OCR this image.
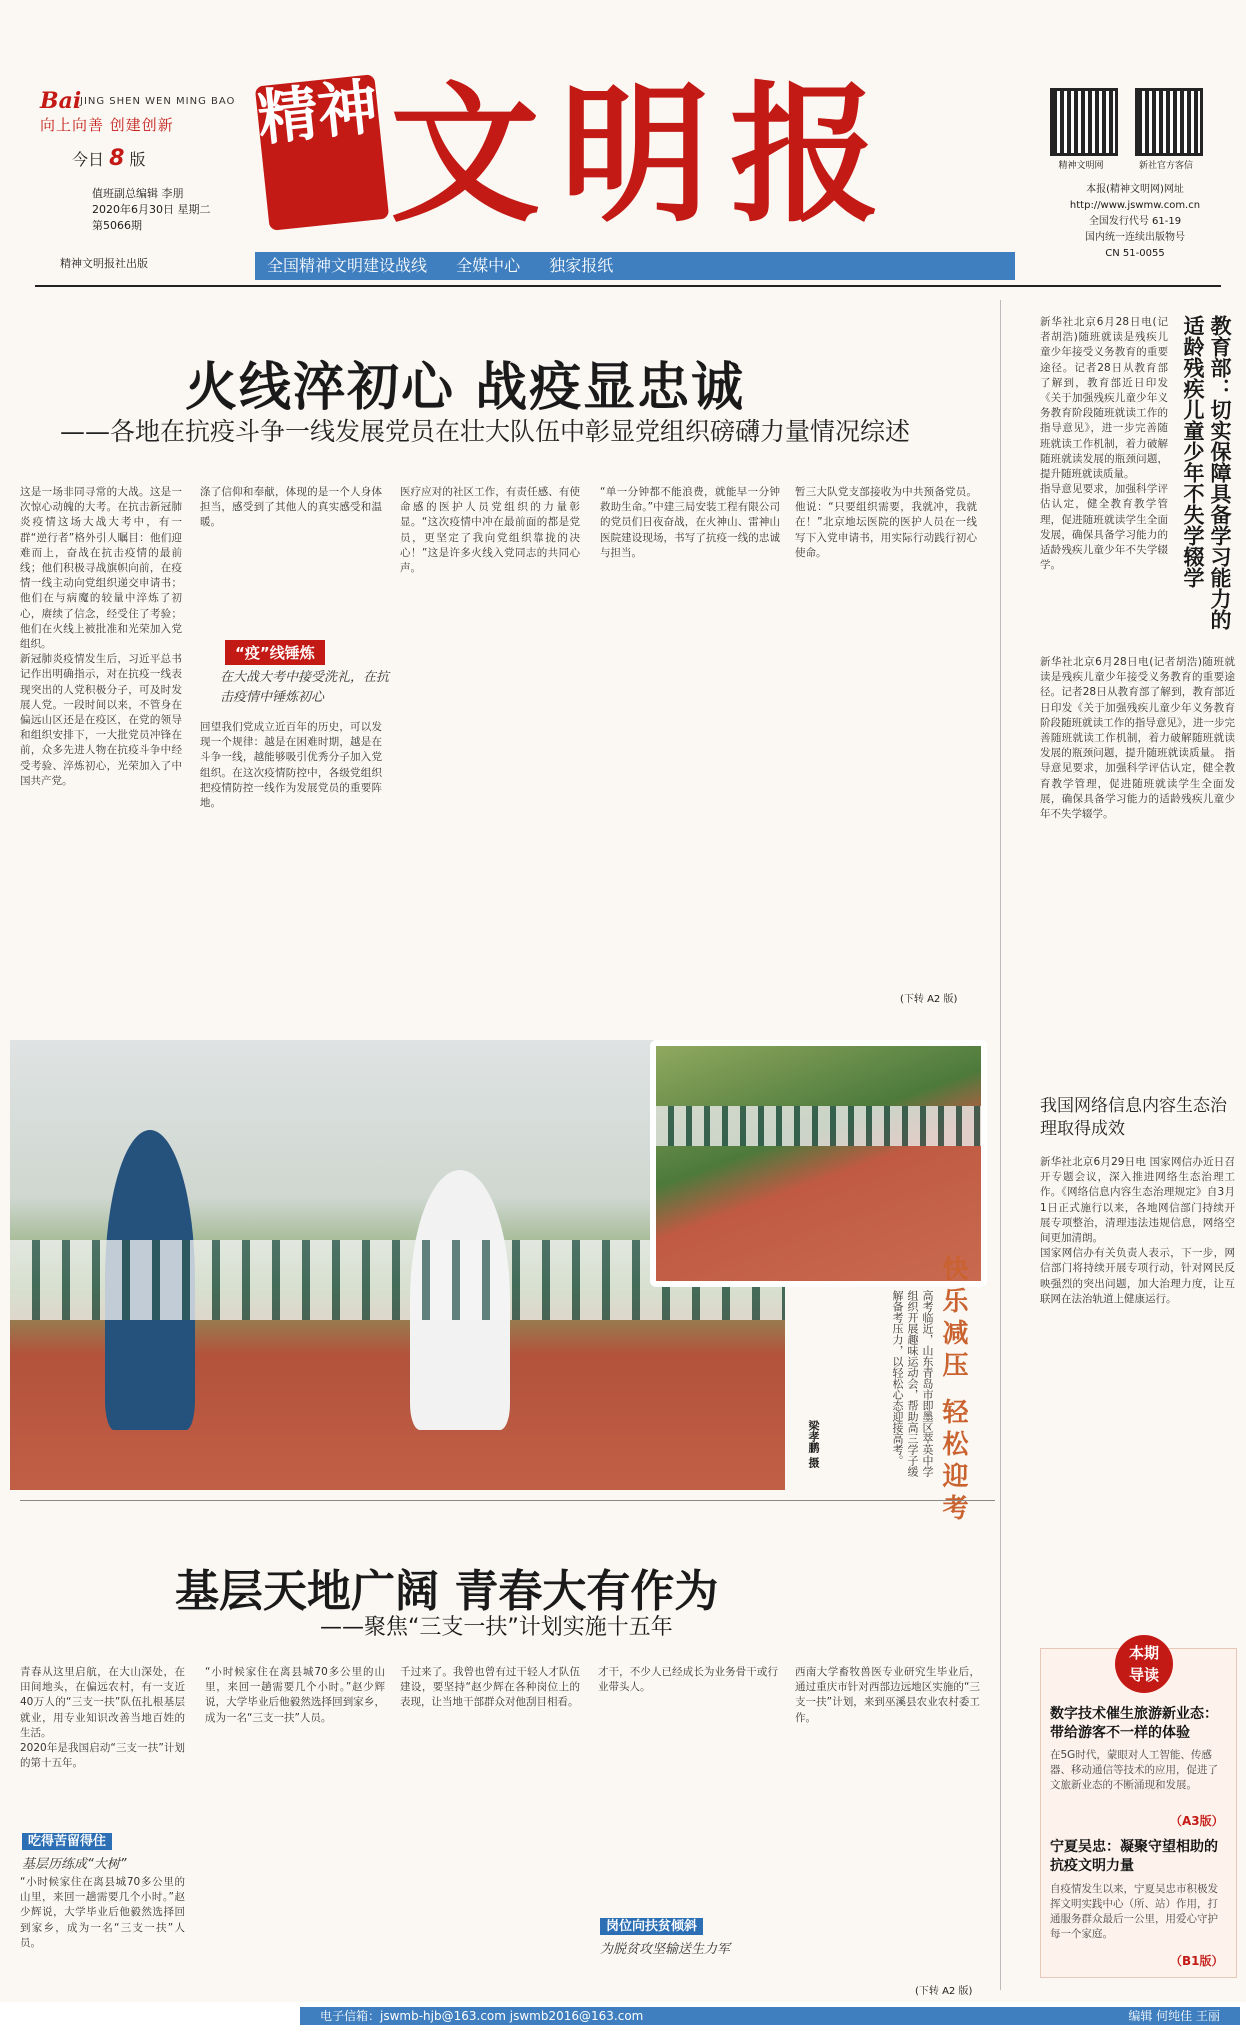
Bai
JING SHEN WEN MING BAO
向上向善 创建创新
今日 8 版
值班副总编辑 李朋
2020年6月30日 星期二
第5066期
精神文明报社出版
精神 文明报
全国精神文明建设战线 全媒中心 独家报纸
精神文明网	新社官方客信
本报(精神文明网)网址
http://www.jswmw.com.cn
全国发行代号 61-19
国内统一连续出版物号
CN 51-0055
火线淬初心 战疫显忠诚
——各地在抗疫斗争一线发展党员在壮大队伍中彰显党组织磅礴力量情况综述
这是一场非同寻常的大战。这是一次惊心动魄的大考。在抗击新冠肺炎疫情这场大战大考中，有一群“逆行者”格外引人瞩目：他们迎难而上，奋战在抗击疫情的最前线；他们积极寻战旗帜向前，在疫情一线主动向党组织递交申请书；他们在与病魔的较量中淬炼了初心，赓续了信念，经受住了考验；他们在火线上被批准和光荣加入党组织。
新冠肺炎疫情发生后，习近平总书记作出明确指示，对在抗疫一线表现突出的人党积极分子，可及时发展人党。一段时间以来，不管身在偏远山区还是在疫区，在党的领导和组织安排下，一大批党员冲锋在前，众多先进人物在抗疫斗争中经受考验、淬炼初心，光荣加入了中国共产党。
涤了信仰和奉献，体现的是一个人身体担当，感受到了其他人的真实感受和温暖。
“疫”线锤炼
在大战大考中接受洗礼，在抗击疫情中锤炼初心
回望我们党成立近百年的历史，可以发现一个规律：越是在困难时期，越是在斗争一线，越能够吸引优秀分子加入党组织。在这次疫情防控中，各级党组织把疫情防控一线作为发展党员的重要阵地。
医疗应对的社区工作，有责任感、有使命感的医护人员党组织的力量彰显。“这次疫情中冲在最前面的都是党员，更坚定了我向党组织靠拢的决心！”这是许多火线入党同志的共同心声。
“单一分钟都不能浪费，就能早一分钟救助生命。”中建三局安装工程有限公司的党员们日夜奋战，在火神山、雷神山医院建设现场，书写了抗疫一线的忠诚与担当。
暂三大队党支部接收为中共预备党员。他说：“只要组织需要，我就冲，我就在！”北京地坛医院的医护人员在一线写下入党申请书，用实际行动践行初心使命。
(下转 A2 版)
教育部：切实保障具备学习能力的适龄残疾儿童少年不失学辍学
新华社北京6月28日电(记者胡浩)随班就读是残疾儿童少年接受义务教育的重要途径。记者28日从教育部了解到，教育部近日印发《关于加强残疾儿童少年义务教育阶段随班就读工作的指导意见》，进一步完善随班就读工作机制，着力破解随班就读发展的瓶颈问题，提升随班就读质量。
指导意见要求，加强科学评估认定，健全教育教学管理，促进随班就读学生全面发展，确保具备学习能力的适龄残疾儿童少年不失学辍学。
新华社北京6月28日电(记者胡浩)随班就读是残疾儿童少年接受义务教育的重要途径。记者28日从教育部了解到，教育部近日印发《关于加强残疾儿童少年义务教育阶段随班就读工作的指导意见》，进一步完善随班就读工作机制，着力破解随班就读发展的瓶颈问题，提升随班就读质量。 指导意见要求，加强科学评估认定，健全教育教学管理，促进随班就读学生全面发展，确保具备学习能力的适龄残疾儿童少年不失学辍学。
快乐减压 轻松迎考
高考临近，山东青岛市即墨区萃英中学组织开展趣味运动会，帮助高三学子缓解备考压力，以轻松心态迎接高考。
梁孝鹏 摄
我国网络信息内容生态治理取得成效
新华社北京6月29日电 国家网信办近日召开专题会议，深入推进网络生态治理工作。《网络信息内容生态治理规定》自3月1日正式施行以来，各地网信部门持续开展专项整治，清理违法违规信息，网络空间更加清朗。
国家网信办有关负责人表示，下一步，网信部门将持续开展专项行动，针对网民反映强烈的突出问题，加大治理力度，让互联网在法治轨道上健康运行。
基层天地广阔 青春大有作为
——聚焦“三支一扶”计划实施十五年
青春从这里启航，在大山深处，在田间地头，在偏远农村，有一支近40万人的“三支一扶”队伍扎根基层就业，用专业知识改善当地百姓的生活。
2020年是我国启动“三支一扶”计划的第十五年。
吃得苦留得住
基层历练成“大树”
“小时候家住在离县城70多公里的山里，来回一趟需要几个小时。”赵少辉说，大学毕业后他毅然选择回到家乡，成为一名“三支一扶”人员。
“小时候家住在离县城70多公里的山里，来回一趟需要几个小时。”赵少辉说，大学毕业后他毅然选择回到家乡，成为一名“三支一扶”人员。
千过来了。我曾也曾有过干轻人才队伍建设，要坚持“赵少辉在各种岗位上的表现，让当地干部群众对他刮目相看。
才干，不少人已经成长为业务骨干或行业带头人。
岗位向扶贫倾斜
为脱贫攻坚输送生力军
西南大学畜牧兽医专业研究生毕业后，通过重庆市针对西部边远地区实施的“三支一扶”计划，来到巫溪县农业农村委工作。
(下转 A2 版)
本期
导读
数字技术催生旅游新业态：带给游客不一样的体验
在5G时代，蒙眼对人工智能、传感器、移动通信等技术的应用，促进了文旅新业态的不断涌现和发展。
（A3版）
宁夏吴忠：凝聚守望相助的抗疫文明力量
自疫情发生以来，宁夏吴忠市积极发挥文明实践中心（所、站）作用，打通服务群众最后一公里，用爱心守护每一个家庭。
（B1版）
电子信箱：jswmb-hjb@163.com jswmb2016@163.com	编辑 何纯佳 王丽
